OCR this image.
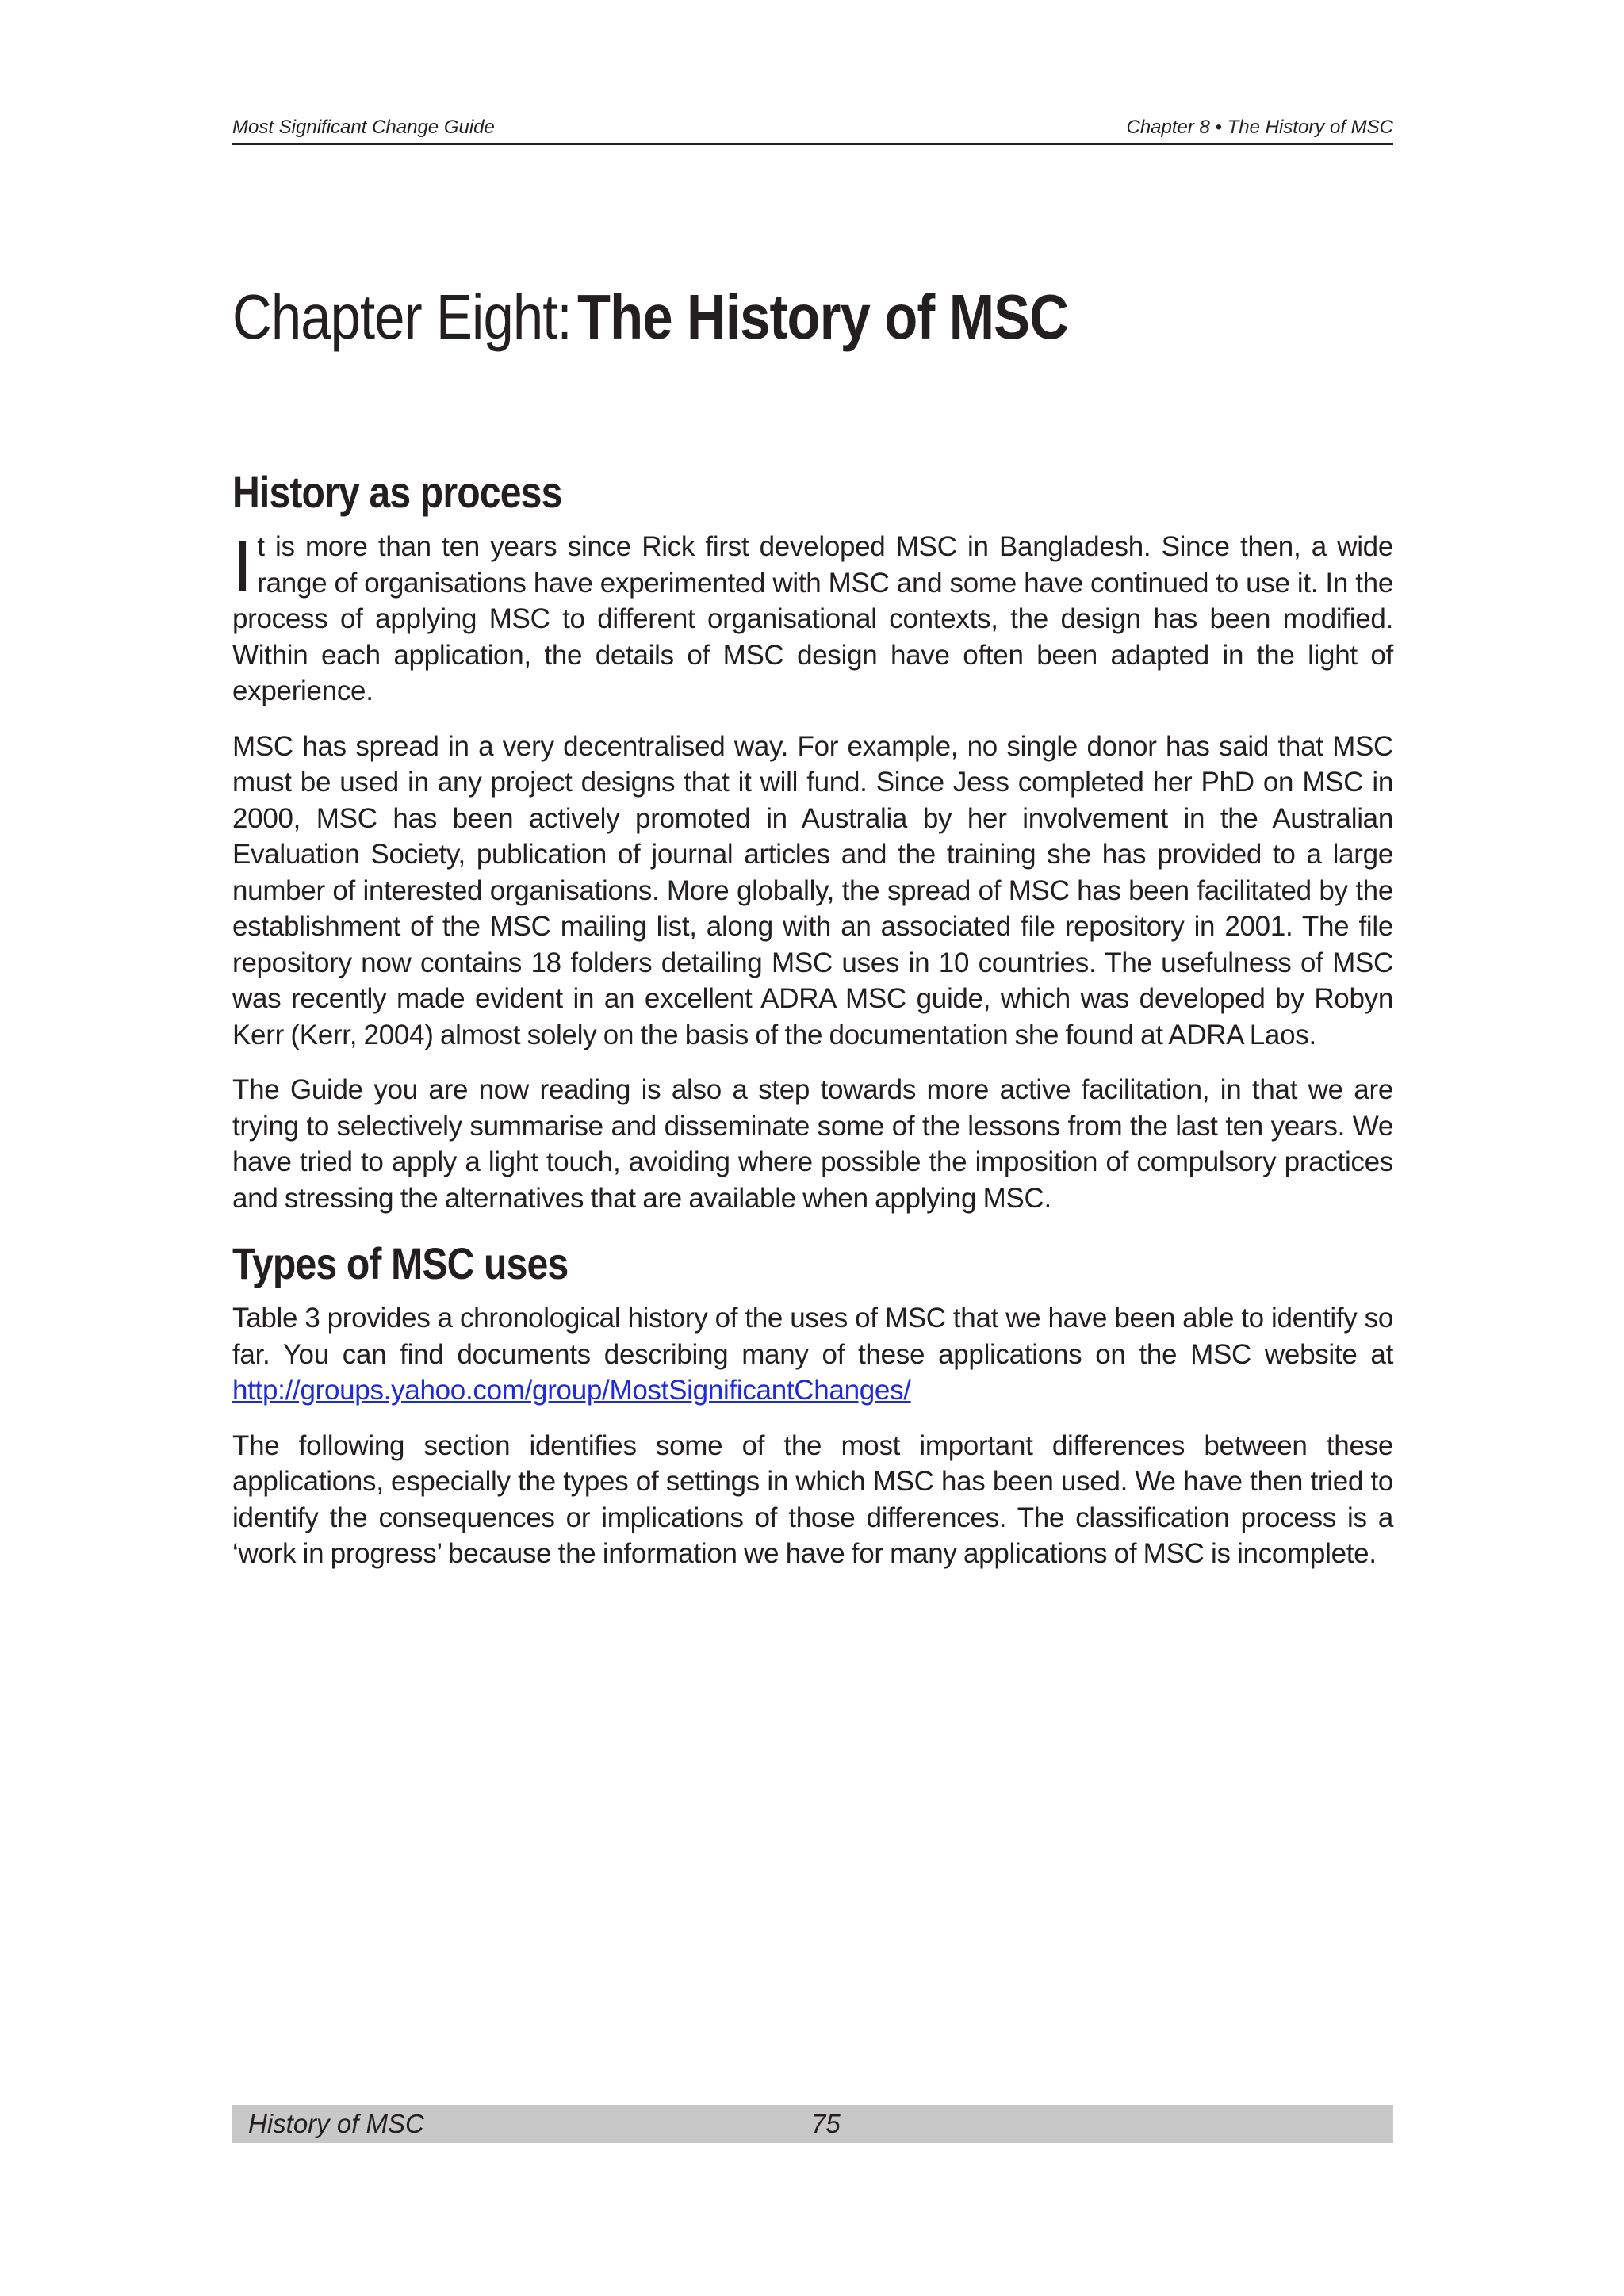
Most Significant Change Guide	Chapter 8 • The History of MSC
Chapter Eight:The History of MSC
History as process

It is more than ten years since Rick first developed MSC in Bangladesh. Since then, a wide range of organisations have experimented with MSC and some have continued to use it. In the process of applying MSC to different organisational contexts, the design has been modified. Within each application, the details of MSC design have often been adapted in the light of experience.

MSC has spread in a very decentralised way. For example, no single donor has said that MSC must be used in any project designs that it will fund. Since Jess completed her PhD on MSC in 2000, MSC has been actively promoted in Australia by her involvement in the Australian Evaluation Society, publication of journal articles and the training she has provided to a large number of interested organisations. More globally, the spread of MSC has been facilitated by the establishment of the MSC mailing list, along with an associated file repository in 2001. The file repository now contains 18 folders detailing MSC uses in 10 countries. The usefulness of MSC was recently made evident in an excellent ADRA MSC guide, which was developed by Robyn Kerr (Kerr, 2004) almost solely on the basis of the documentation she found at ADRA Laos.

The Guide you are now reading is also a step towards more active facilitation, in that we are trying to selectively summarise and disseminate some of the lessons from the last ten years. We have tried to apply a light touch, avoiding where possible the imposition of compulsory practices and stressing the alternatives that are available when applying MSC.

Types of MSC uses

Table 3 provides a chronological history of the uses of MSC that we have been able to identify so far. You can find documents describing many of these applications on the MSC website at http://groups.yahoo.com/group/MostSignificantChanges/

The following section identifies some of the most important differences between these applications, especially the types of settings in which MSC has been used. We have then tried to identify the consequences or implications of those differences. The classification process is a ‘work in progress’ because the information we have for many applications of MSC is incomplete.

History of MSC	75
